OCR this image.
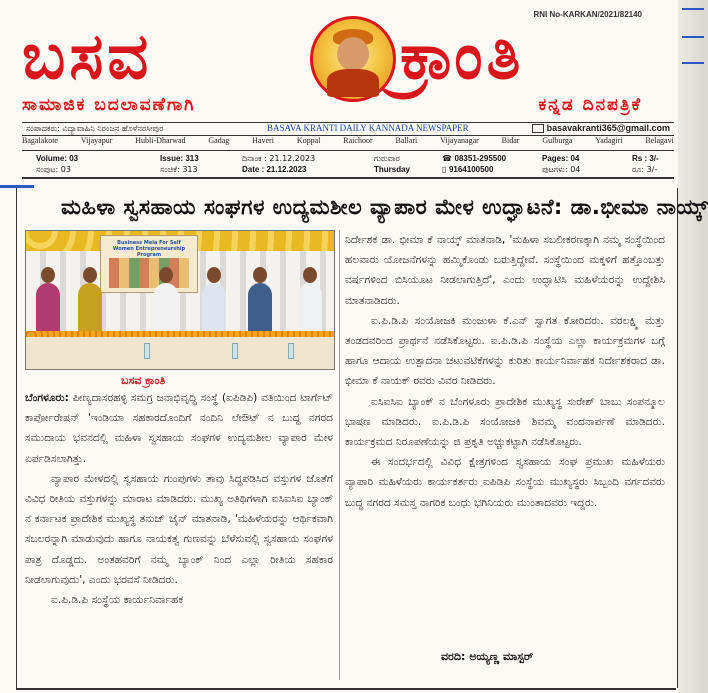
RNI No-KARKAN/2021/82140
ಬಸವ	ಕ್ರಾಂತಿ
ಸಾಮಾಜಿಕ ಬದಲಾವಣೆಗಾಗಿ	ಕನ್ನಡ ದಿನಪತ್ರಿಕೆ
ಸಂಪಾದಕರು: ವಿದ್ಯಾವಾಹಿನಿ ನಿರಂಜನ ಹೊಳೆನರಸೀಪುರ	BASAVA KRANTI DAILY KANNADA NEWSPAPER	basavakranti365@gmail.com
Bagalakote	Vijayapur	Hubli-Dharwad	Gadag	Haveri	Koppal	Raichoor	Ballari	Vijayanagar	Bidar	Gulburga	Yadagiri	Belagavi
Volume: 03
ಸಂಪುಟ: 03
Issue: 313
ಸಂಚಿಕೆ: 313
ದಿನಾಂಕ : 21.12.2023
Date : 21.12.2023
ಗುರುವಾರ
Thursday
☎ 08351-295500
▯ 9164100500
Pages: 04
ಪುಟಗಳು: 04
Rs : 3/-
ರೂ: 3/-
ಮಹಿಳಾ ಸ್ವಸಹಾಯ ಸಂಘಗಳ ಉದ್ಯಮಶೀಲ ವ್ಯಾಪಾರ ಮೇಳ ಉದ್ಘಾಟನೆ: ಡಾ.ಭೀಮಾ ನಾಯ್ಕ್
Business Mela For Self Women Entrepreneurship Program
ಬಸವ ಕ್ರಾಂತಿ

ಬೆಂಗಳೂರು: ಪೀಣ್ಯದಾಸರಹಳ್ಳಿ ಸಮಗ್ರ ಜನಾಭಿವೃದ್ಧಿ ಸಂಸ್ಥೆ (ಐಪಿಡಿಪಿ) ವತಿಯಿಂದ ಟಾರ್ಗೆಟ್ ಕಾರ್ಪೋರೇಷನ್ 'ಇಂಡಿಯಾ ಸಹಕಾರದೊಂದಿಗೆ ನಂದಿನಿ ಲೇಔಟ್ ನ ಬುದ್ಧ ನಗರದ ಸಮುದಾಯ ಭವನದಲ್ಲಿ ಮಹಿಳಾ ಸ್ವಸಹಾಯ ಸಂಘಗಳ ಉದ್ಯಮಶೀಲ ವ್ಯಾಪಾರ ಮೇಳ ಏರ್ಪಡಿಸಲಾಗಿತ್ತು.

ವ್ಯಾಪಾರ ಮೇಳದಲ್ಲಿ ಸ್ವಸಹಾಯ ಗುಂಪುಗಳು ತಾವು ಸಿದ್ಧಪಡಿಸಿದ ವಸ್ತುಗಳ ಜೊತೆಗೆ ವಿವಿಧ ರೀತಿಯ ವಸ್ತುಗಳನ್ನು ಮಾರಾಟ ಮಾಡಿದರು. ಮುಖ್ಯ ಅತಿಥಿಗಳಾಗಿ ಐಸಿಐಸಿಐ ಬ್ಯಾಂಕ್ ನ ಕರ್ನಾಟಕ ಪ್ರಾದೇಶಿಕ ಮುಖ್ಯಸ್ಥ ತನುಜ್ ಜೈನ್ ಮಾತನಾಡಿ, 'ಮಹಿಳೆಯರನ್ನು ಆರ್ಥಿಕವಾಗಿ ಸಬಲರನ್ನಾಗಿ ಮಾಡುವುದು ಹಾಗೂ ನಾಯಕತ್ವ ಗುಣವನ್ನು ಬೆಳೆಸುವಲ್ಲಿ ಸ್ವಸಹಾಯ ಸಂಘಗಳ ಪಾತ್ರ ದೊಡ್ಡದು. ಅಂತಹವರಿಗೆ ನಮ್ಮ ಬ್ಯಾಂಕ್ ನಿಂದ ಎಲ್ಲಾ ರೀತಿಯ ಸಹಕಾರ ನೀಡಲಾಗುವುದು', ಎಂದು ಭರವಸೆ ನೀಡಿದರು.

ಐ.ಪಿ.ಡಿ.ಪಿ ಸಂಸ್ಥೆಯ ಕಾರ್ಯನಿರ್ವಾಹಕ

ನಿರ್ದೇಶಕ ಡಾ. ಭೀಮಾ ಕೆ ನಾಯ್ಕ್ ಮಾತನಾಡಿ, 'ಮಹಿಳಾ ಸಬಲೀಕರಣಕ್ಕಾಗಿ ನಮ್ಮ ಸಂಸ್ಥೆಯಿಂದ ಹಲವಾರು ಯೋಜನೆಗಳನ್ನು ಹಮ್ಮಿಕೊಂಡು ಬರುತ್ತಿದ್ದೇವೆ. ಸಂಸ್ಥೆಯಿಂದ ಮಕ್ಕಳಿಗೆ ಹತ್ತೊಂಬತ್ತು ವರ್ಷಗಳಿಂದ ಬಿಸಿಯೂಟ ನೀಡಲಾಗುತ್ತಿದೆ', ಎಂದು ಉದ್ಘಾಟಿಸಿ ಮಹಿಳೆಯರನ್ನು ಉದ್ದೇಶಿಸಿ ಮಾತನಾಡಿದರು.

ಐ.ಪಿ.ಡಿ.ಪಿ ಸಂಯೋಜಕಿ ಮಂಜುಳಾ ಕೆ.ಎನ್ ಸ್ವಾಗತ ಕೋರಿದರು. ವರಲಕ್ಷ್ಮಿ ಮತ್ತು ತಂಡದವರಿಂದ ಪ್ರಾರ್ಥನೆ ನಡೆಸಿಕೊಟ್ಟರು. ಐ.ಪಿ.ಡಿ.ಪಿ ಸಂಸ್ಥೆಯ ಎಲ್ಲಾ ಕಾರ್ಯಕ್ರಮಗಳ ಬಗ್ಗೆ ಹಾಗೂ ಆದಾಯ ಉತ್ಪಾದನಾ ಚಟುವಟಿಕೆಗಳನ್ನು ಕುರಿತು ಕಾರ್ಯನಿರ್ವಾಹಕ ನಿರ್ದೇಶಕರಾದ ಡಾ. ಭೀಮಾ ಕೆ ನಾಯಕ್ ರವರು ವಿವರ ನೀಡಿದರು.

ಐಸಿಐಸಿಐ ಬ್ಯಾಂಕ್ ನ ಬೆಂಗಳೂರು ಪ್ರಾದೇಶಿಕ ಮುಖ್ಯಸ್ಥ ಸುರೇಶ್ ಬಾಬು ಸಂಪನ್ಮೂಲ ಭಾಷಣ ಮಾಡಿದರು. ಐ.ಪಿ.ಡಿ.ಪಿ ಸಂಯೋಜಕಿ ಶಿವಮ್ಮ ವಂದನಾರ್ಪಣೆ ಮಾಡಿದರು. ಕಾರ್ಯಕ್ರಮದ ನಿರೂಪಣೆಯನ್ನು ಜಿ ಪ್ರಕೃತಿ ಅಚ್ಚುಕಟ್ಟಾಗಿ ನಡೆಸಿಕೊಟ್ಟರು.

ಈ ಸಂದರ್ಭದಲ್ಲಿ ವಿವಿಧ ಕ್ಷೇತ್ರಗಳಿಂದ ಸ್ವಸಹಾಯ ಸಂಘ ಪ್ರಮುಖ ಮಹಿಳೆಯರು ವ್ಯಾಪಾರಿ ಮಹಿಳೆಯರು ಕಾರ್ಯಕರ್ತರು ಐಪಿಡಿಪಿ ಸಂಸ್ಥೆಯ ಮುಖ್ಯಸ್ಥರು ಸಿಬ್ಬಂದಿ ವರ್ಗದವರು ಬುದ್ಧ ನಗರದ ಸಮಸ್ತ ನಾಗರಿಕ ಬಂಧು ಭಗಿನಿಯರು ಮುಂತಾದವರು ಇದ್ದರು.

ವರದಿ: ಅಯ್ಯಣ್ಣ ಮಾಸ್ಟರ್
